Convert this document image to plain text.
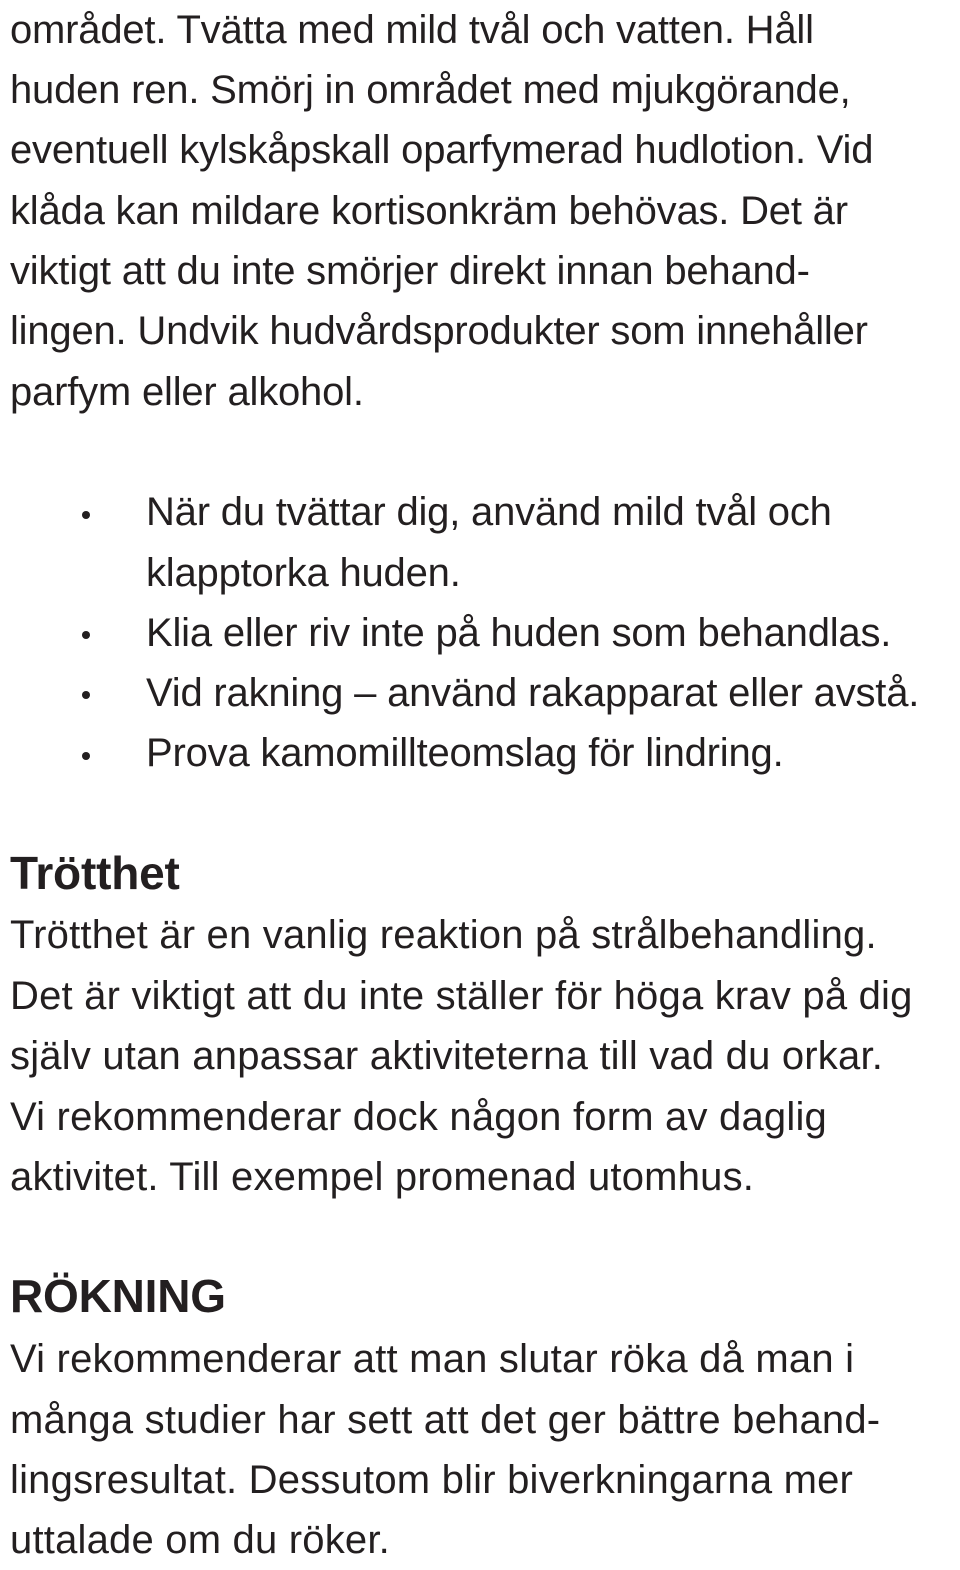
området. Tvätta med mild tvål och vatten. Håll
huden ren. Smörj in området med mjukgörande,
eventuell kylskåpskall oparfymerad hudlotion. Vid
klåda kan mildare kortisonkräm behövas. Det är
viktigt att du inte smörjer direkt innan behand-
lingen. Undvik hudvårdsprodukter som innehåller
parfym eller alkohol.
När du tvättar dig, använd mild tvål och
klapptorka huden.
Klia eller riv inte på huden som behandlas.
Vid rakning – använd rakapparat eller avstå.
Prova kamomillteomslag för lindring.
Trötthet
Trötthet är en vanlig reaktion på strålbehandling.
Det är viktigt att du inte ställer för höga krav på dig
själv utan anpassar aktiviteterna till vad du orkar.
Vi rekommenderar dock någon form av daglig
aktivitet. Till exempel promenad utomhus.
RÖKNING
Vi rekommenderar att man slutar röka då man i
många studier har sett att det ger bättre behand-
lingsresultat. Dessutom blir biverkningarna mer
uttalade om du röker.
